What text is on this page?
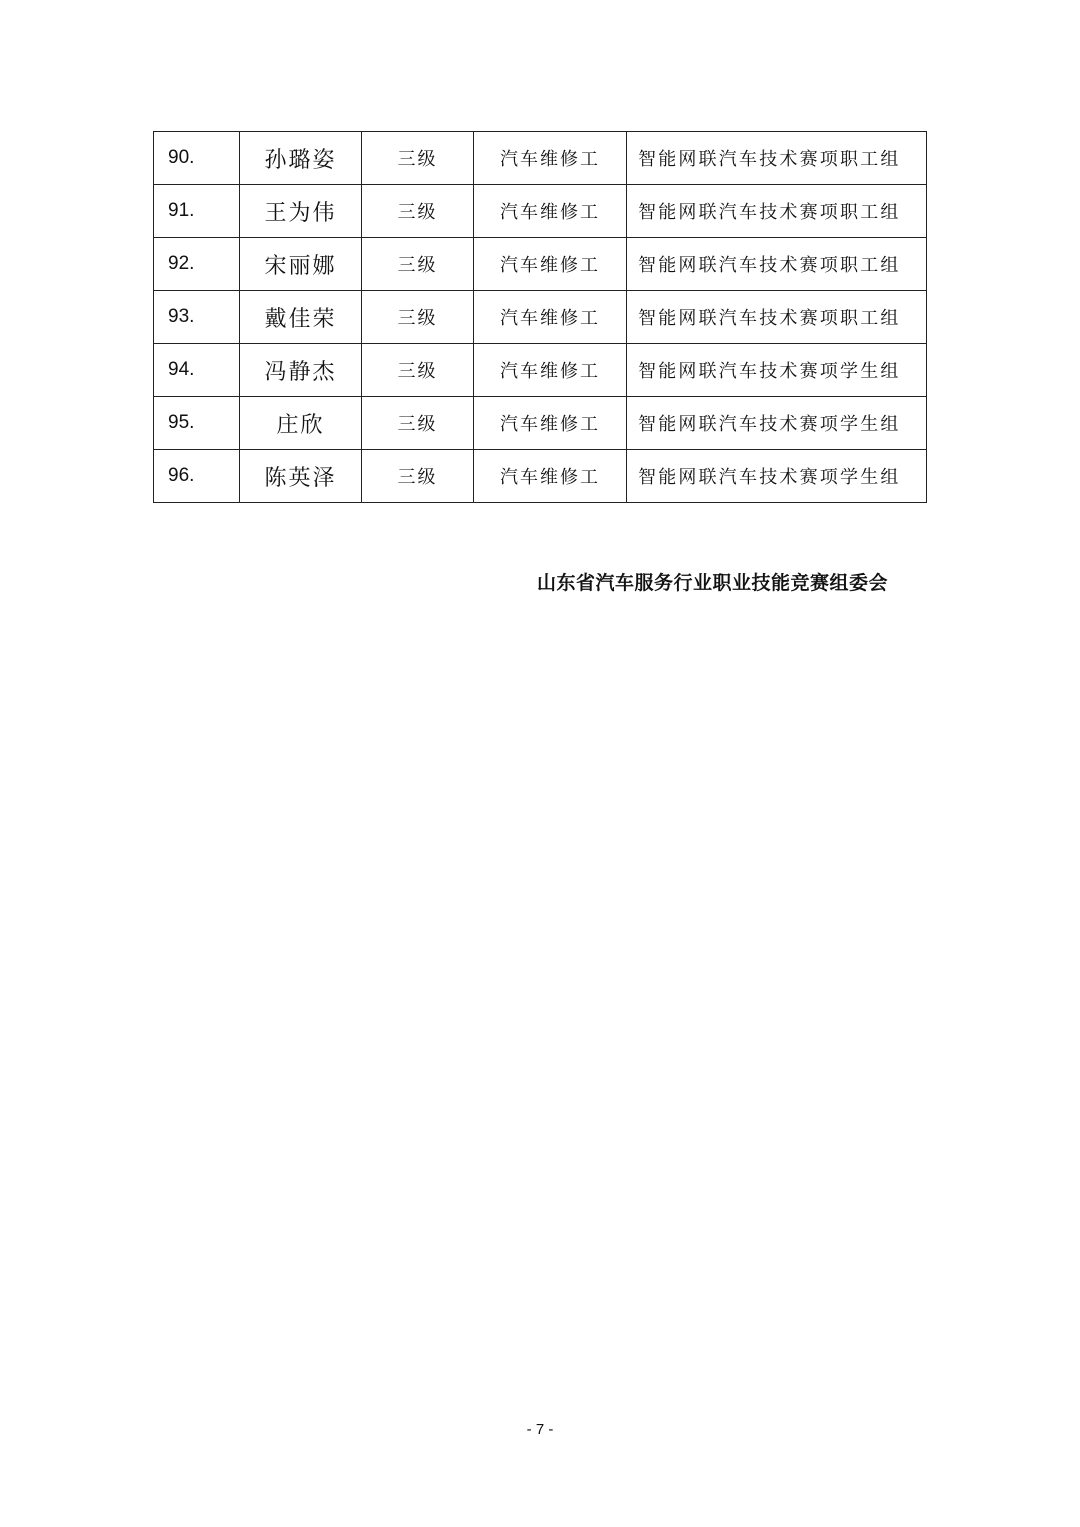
90.	孙璐姿	三级	汽车维修工	智能网联汽车技术赛项职工组
91.	王为伟	三级	汽车维修工	智能网联汽车技术赛项职工组
92.	宋丽娜	三级	汽车维修工	智能网联汽车技术赛项职工组
93.	戴佳荣	三级	汽车维修工	智能网联汽车技术赛项职工组
94.	冯静杰	三级	汽车维修工	智能网联汽车技术赛项学生组
95.	庄欣	三级	汽车维修工	智能网联汽车技术赛项学生组
96.	陈英泽	三级	汽车维修工	智能网联汽车技术赛项学生组
山东省汽车服务行业职业技能竞赛组委会
- 7 -
